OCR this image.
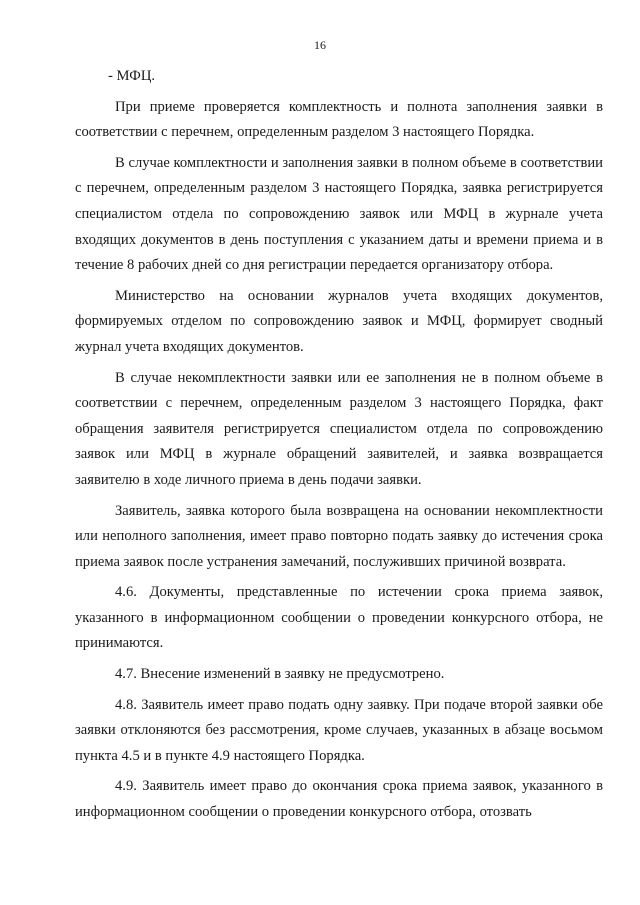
16

- МФЦ.

При приеме проверяется комплектность и полнота заполнения заявки в соответствии с перечнем, определенным разделом 3 настоящего Порядка.

В случае комплектности и заполнения заявки в полном объеме в соответствии с перечнем, определенным разделом 3 настоящего Порядка, заявка регистрируется специалистом отдела по сопровождению заявок или МФЦ в журнале учета входящих документов в день поступления с указанием даты и времени приема и в течение 8 рабочих дней со дня регистрации передается организатору отбора.

Министерство на основании журналов учета входящих документов, формируемых отделом по сопровождению заявок и МФЦ, формирует сводный журнал учета входящих документов.

В случае некомплектности заявки или ее заполнения не в полном объеме в соответствии с перечнем, определенным разделом 3 настоящего Порядка, факт обращения заявителя регистрируется специалистом отдела по сопровождению заявок или МФЦ в журнале обращений заявителей, и заявка возвращается заявителю в ходе личного приема в день подачи заявки.

Заявитель, заявка которого была возвращена на основании некомплектности или неполного заполнения, имеет право повторно подать заявку до истечения срока приема заявок после устранения замечаний, послуживших причиной возврата.

4.6. Документы, представленные по истечении срока приема заявок, указанного в информационном сообщении о проведении конкурсного отбора, не принимаются.

4.7. Внесение изменений в заявку не предусмотрено.

4.8. Заявитель имеет право подать одну заявку. При подаче второй заявки обе заявки отклоняются без рассмотрения, кроме случаев, указанных в абзаце восьмом пункта 4.5 и в пункте 4.9 настоящего Порядка.

4.9. Заявитель имеет право до окончания срока приема заявок, указанного в информационном сообщении о проведении конкурсного отбора, отозвать
